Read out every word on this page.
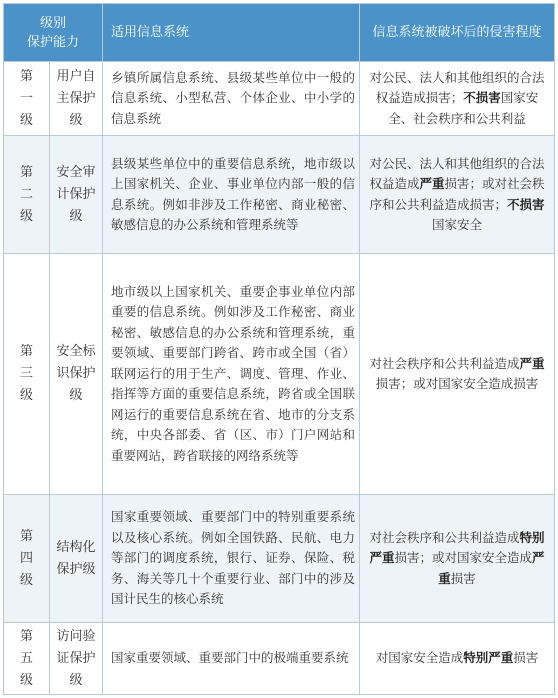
级别
保护能力
适用信息系统	信息系统被破坏后的侵害程度
第一级
用户自主保护级
乡镇所属信息系统、县级某些单位中一般的信息系统、小型私营、个体企业、中小学的信息系统
对公民、法人和其他组织的合法权益造成损害；不损害国家安全、社会秩序和公共利益
第二级
安全审计保护级
县级某些单位中的重要信息系统，地市级以上国家机关、企业、事业单位内部一般的信息系统。例如非涉及工作秘密、商业秘密、敏感信息的办公系统和管理系统等
对公民、法人和其他组织的合法权益造成严重损害；或对社会秩序和公共利益造成损害；不损害国家安全
第三级
安全标识保护级
地市级以上国家机关、重要企事业单位内部重要的信息系统。例如涉及工作秘密、商业秘密、敏感信息的办公系统和管理系统，重要领域、重要部门跨省、跨市或全国（省）联网运行的用于生产、调度、管理、作业、指挥等方面的重要信息系统，跨省或全国联网运行的重要信息系统在省、地市的分支系统，中央各部委、省（区、市）门户网站和重要网站，跨省联接的网络系统等
对社会秩序和公共利益造成严重损害；或对国家安全造成损害
第四级
结构化保护级
国家重要领域、重要部门中的特别重要系统以及核心系统。例如全国铁路、民航、电力等部门的调度系统，银行、证券、保险、税务、海关等几十个重要行业、部门中的涉及国计民生的核心系统
对社会秩序和公共利益造成特别严重损害；或对国家安全造成严重损害
第五级
访问验证保护级
国家重要领域、重要部门中的极端重要系统 对国家安全造成特别严重损害
